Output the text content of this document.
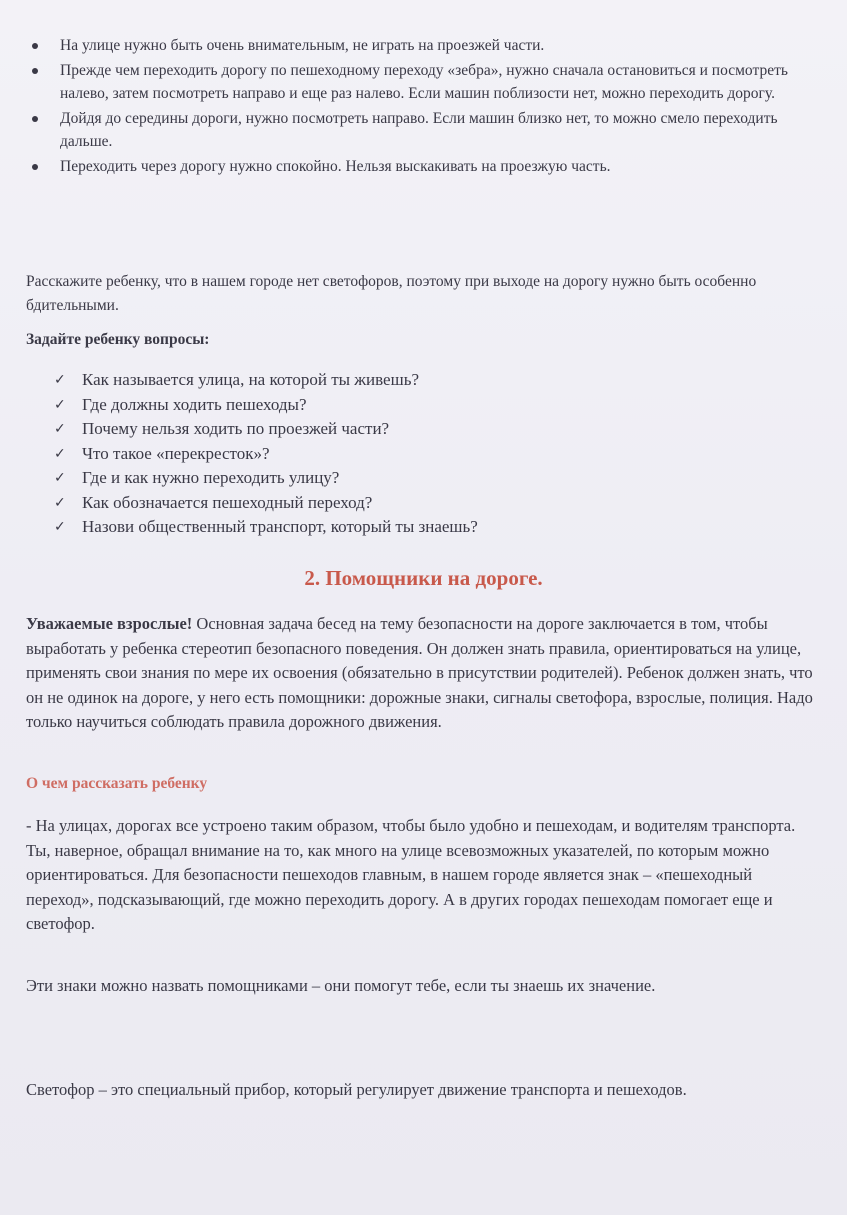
На улице нужно быть очень внимательным, не играть на проезжей части.
Прежде чем переходить дорогу по пешеходному переходу «зебра», нужно сначала остановиться и посмотреть налево, затем посмотреть направо и еще раз налево. Если машин поблизости нет, можно переходить дорогу.
Дойдя до середины дороги, нужно посмотреть направо. Если машин близко нет, то можно смело переходить дальше.
Переходить через дорогу нужно спокойно. Нельзя выскакивать на проезжую часть.

Расскажите ребенку, что в нашем городе нет светофоров, поэтому при выходе на дорогу нужно быть особенно бдительными.

Задайте ребенку вопросы:

✓ Как называется улица, на которой ты живешь?
✓ Где должны ходить пешеходы?
✓ Почему нельзя ходить по проезжей части?
✓ Что такое «перекресток»?
✓ Где и как нужно переходить улицу?
✓ Как обозначается пешеходный переход?
✓ Назови общественный транспорт, который ты знаешь?
2. Помощники на дороге.

Уважаемые взрослые! Основная задача бесед на тему безопасности на дороге заключается в том, чтобы выработать у ребенка стереотип безопасного поведения. Он должен знать правила, ориентироваться на улице, применять свои знания по мере их освоения (обязательно в присутствии родителей). Ребенок должен знать, что он не одинок на дороге, у него есть помощники: дорожные знаки, сигналы светофора, взрослые, полиция. Надо только научиться соблюдать правила дорожного движения.

О чем рассказать ребенку

- На улицах, дорогах все устроено таким образом, чтобы было удобно и пешеходам, и водителям транспорта. Ты, наверное, обращал внимание на то, как много на улице всевозможных указателей, по которым можно ориентироваться. Для безопасности пешеходов главным, в нашем городе является знак – «пешеходный переход», подсказывающий, где можно переходить дорогу. А в других городах пешеходам помогает еще и светофор.

Эти знаки можно назвать помощниками – они помогут тебе, если ты знаешь их значение.

Светофор – это специальный прибор, который регулирует движение транспорта и пешеходов.
